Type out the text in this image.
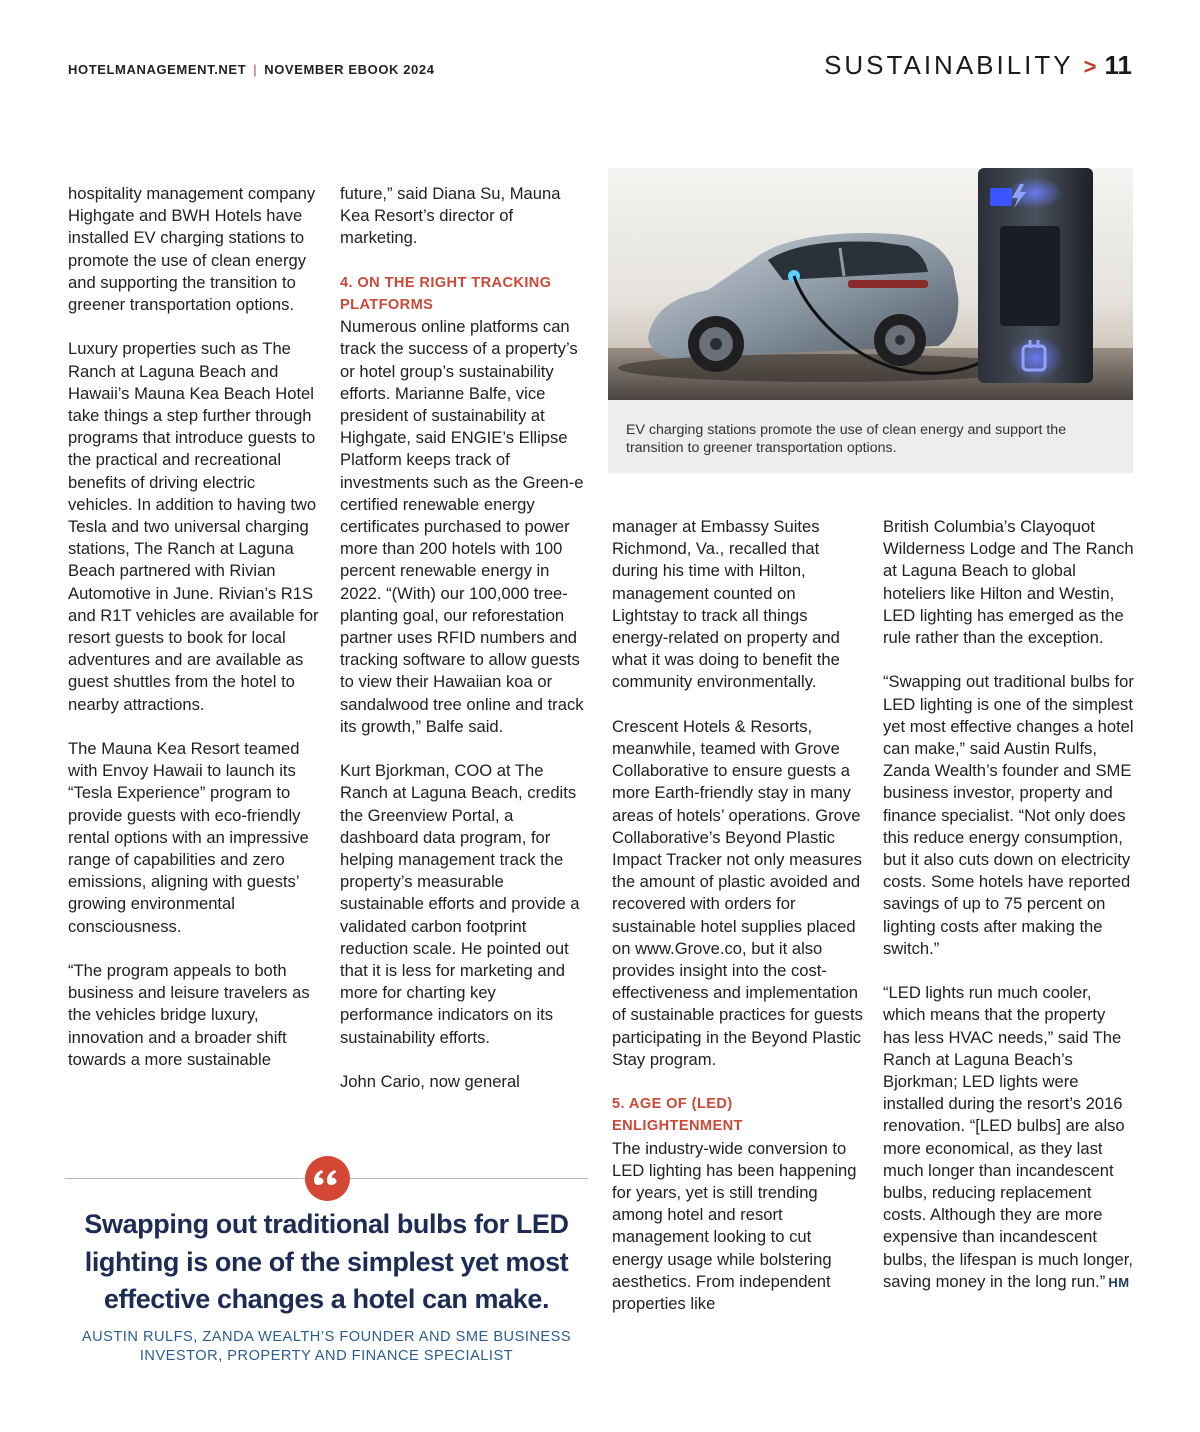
HOTELMANAGEMENT.NET | NOVEMBER EBOOK 2024	SUSTAINABILITY > 11

hospitality management company Highgate and BWH Hotels have installed EV charging stations to promote the use of clean energy and supporting the transition to greener transportation options.

Luxury properties such as The Ranch at Laguna Beach and Hawaii’s Mauna Kea Beach Hotel take things a step further through programs that introduce guests to the practical and recreational benefits of driving electric vehicles. In addition to having two Tesla and two universal charging stations, The Ranch at Laguna Beach partnered with Rivian Automotive in June. Rivian’s R1S and R1T vehicles are available for resort guests to book for local adventures and are available as guest shuttles from the hotel to nearby attractions.

The Mauna Kea Resort teamed with Envoy Hawaii to launch its “Tesla Experience” program to provide guests with eco-friendly rental options with an impressive range of capabilities and zero emissions, aligning with guests’ growing environmental consciousness.

“The program appeals to both business and leisure travelers as the vehicles bridge luxury, innovation and a broader shift towards a more sustainable

future,” said Diana Su, Mauna Kea Resort’s director of marketing.

4. ON THE RIGHT TRACKING PLATFORMS

Numerous online platforms can track the success of a property’s or hotel group’s sustainability efforts. Marianne Balfe, vice president of sustainability at Highgate, said ENGIE’s Ellipse Platform keeps track of investments such as the Green-e certified renewable energy certificates purchased to power more than 200 hotels with 100 percent renewable energy in 2022. “(With) our 100,000 tree-planting goal, our reforestation partner uses RFID numbers and tracking software to allow guests to view their Hawaiian koa or sandalwood tree online and track its growth,” Balfe said.

Kurt Bjorkman, COO at The Ranch at Laguna Beach, credits the Greenview Portal, a dashboard data program, for helping management track the property’s measurable sustainable efforts and provide a validated carbon footprint reduction scale. He pointed out that it is less for marketing and more for charting key performance indicators on its sustainability efforts.

John Cario, now general

EV charging stations promote the use of clean energy and support the transition to greener transportation options.

manager at Embassy Suites Richmond, Va., recalled that during his time with Hilton, management counted on Lightstay to track all things energy-related on property and what it was doing to benefit the community environmentally.

Crescent Hotels & Resorts, meanwhile, teamed with Grove Collaborative to ensure guests a more Earth-friendly stay in many areas of hotels’ operations. Grove Collaborative’s Beyond Plastic Impact Tracker not only measures the amount of plastic avoided and recovered with orders for sustainable hotel supplies placed on www.Grove.co, but it also provides insight into the cost-effectiveness and implementation of sustainable practices for guests participating in the Beyond Plastic Stay program.

5. AGE OF (LED) ENLIGHTENMENT

The industry-wide conversion to LED lighting has been happening for years, yet is still trending among hotel and resort management looking to cut energy usage while bolstering aesthetics. From independent properties like

British Columbia’s Clayoquot Wilderness Lodge and The Ranch at Laguna Beach to global hoteliers like Hilton and Westin, LED lighting has emerged as the rule rather than the exception.

“Swapping out traditional bulbs for LED lighting is one of the simplest yet most effective changes a hotel can make,” said Austin Rulfs, Zanda Wealth’s founder and SME business investor, property and finance specialist. “Not only does this reduce energy consumption, but it also cuts down on electricity costs. Some hotels have reported savings of up to 75 percent on lighting costs after making the switch.”

“LED lights run much cooler, which means that the property has less HVAC needs,” said The Ranch at Laguna Beach’s Bjorkman; LED lights were installed during the resort’s 2016 renovation. “[LED bulbs] are also more economical, as they last much longer than incandescent bulbs, reducing replacement costs. Although they are more expensive than incandescent bulbs, the lifespan is much longer, saving money in the long run.” HM

Swapping out traditional bulbs for LED lighting is one of the simplest yet most effective changes a hotel can make.

AUSTIN RULFS, ZANDA WEALTH’S FOUNDER AND SME BUSINESS INVESTOR, PROPERTY AND FINANCE SPECIALIST
